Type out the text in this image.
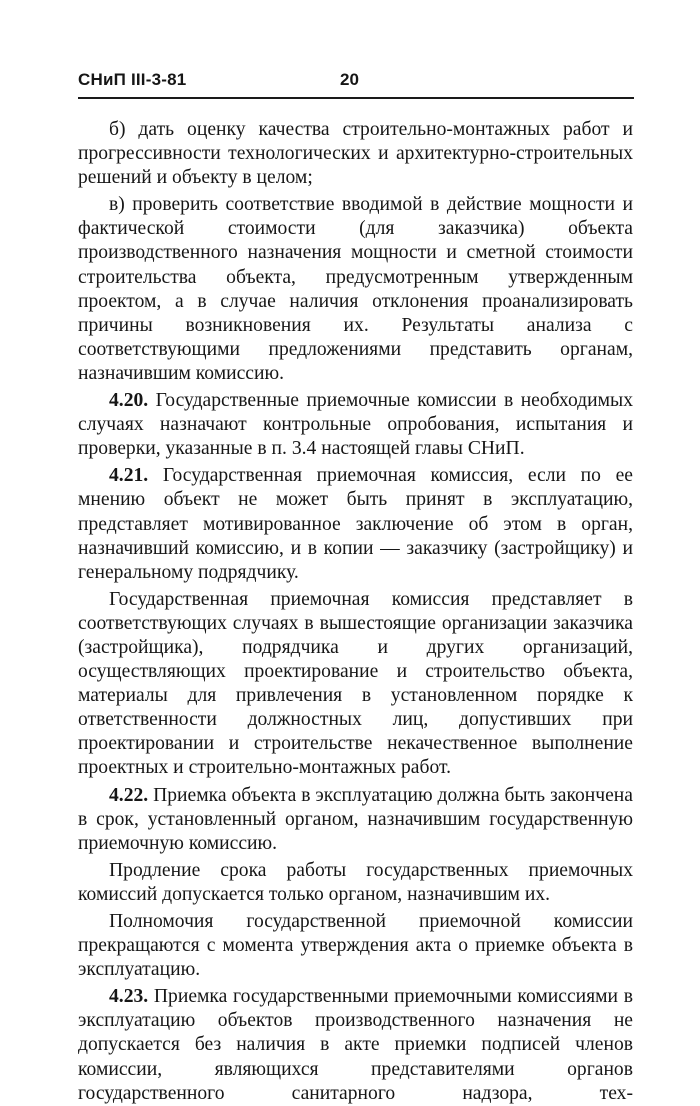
СНиП III-3-81	20

б) дать оценку качества строительно-монтажных работ и прогрессивности технологических и архитектурно-строительных решений и объекту в целом;

в) проверить соответствие вводимой в действие мощности и фактической стоимости (для заказчика) объекта производственного назначения мощности и сметной стоимости строительства объекта, предусмотренным утвержденным проектом, а в случае наличия отклонения проанализировать причины возникновения их. Результаты анализа с соответствующими предложениями представить органам, назначившим комиссию.

4.20. Государственные приемочные комиссии в необходимых случаях назначают контрольные опробования, испытания и проверки, указанные в п. 3.4 настоящей главы СНиП.

4.21. Государственная приемочная комиссия, если по ее мнению объект не может быть принят в эксплуатацию, представляет мотивированное заключение об этом в орган, назначивший комиссию, и в копии — заказчику (застройщику) и генеральному подрядчику.

Государственная приемочная комиссия представляет в соответствующих случаях в вышестоящие организации заказчика (застройщика), подрядчика и других организаций, осуществляющих проектирование и строительство объекта, материалы для привлечения в установленном порядке к ответственности должностных лиц, допустивших при проектировании и строительстве некачественное выполнение проектных и строительно-монтажных работ.

4.22. Приемка объекта в эксплуатацию должна быть закончена в срок, установленный органом, назначившим государственную приемочную комиссию.

Продление срока работы государственных приемочных комиссий допускается только органом, назначившим их.

Полномочия государственной приемочной комиссии прекращаются с момента утверждения акта о приемке объекта в эксплуатацию.

4.23. Приемка государственными приемочными комиссиями в эксплуатацию объектов производственного назначения не допускается без наличия в акте приемки подписей членов комиссии, являющихся представителями органов государственного санитарного надзора, тех-
